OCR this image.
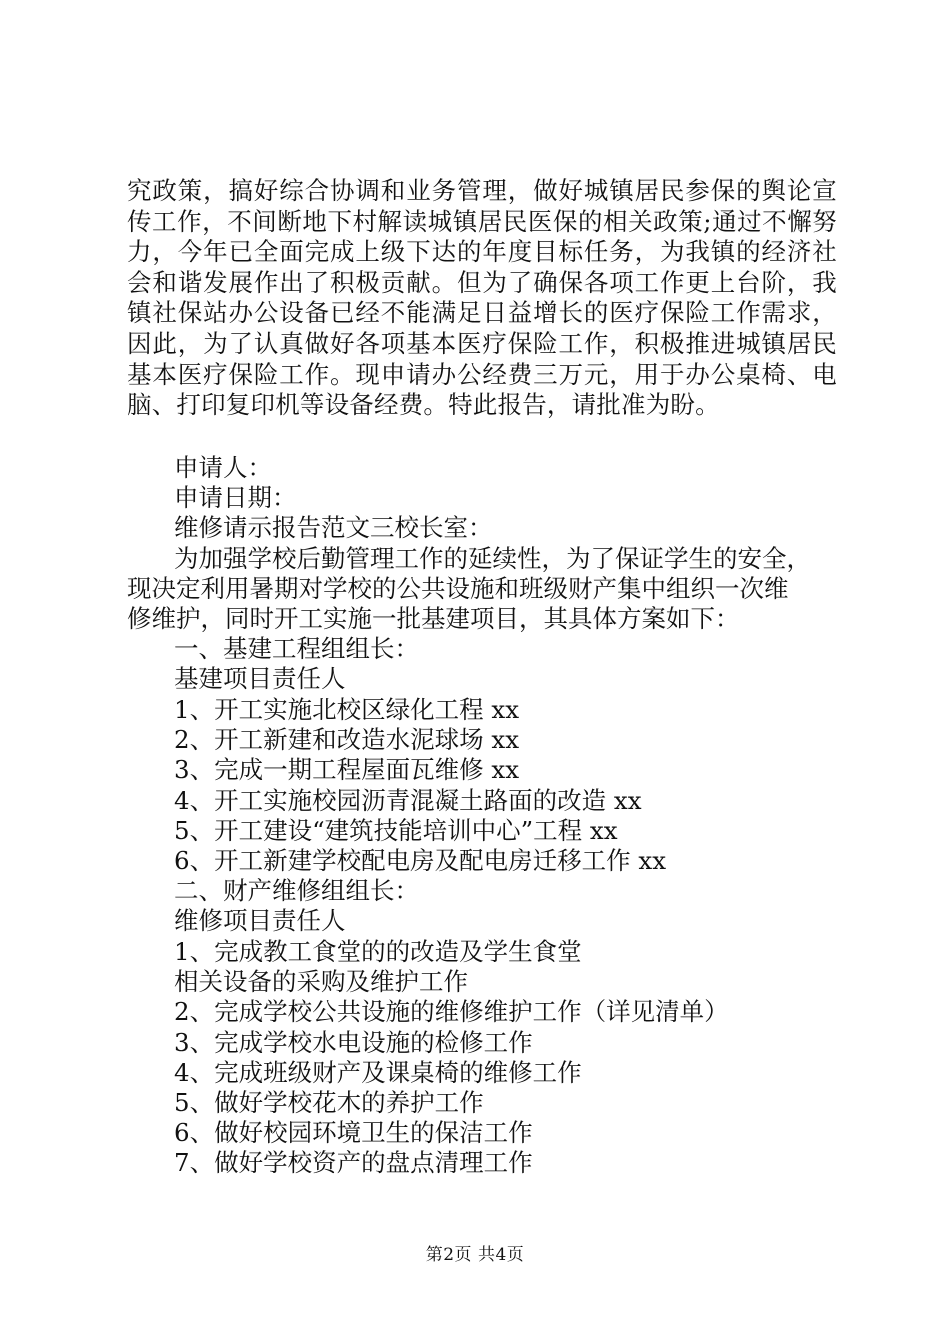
究政策，搞好综合协调和业务管理，做好城镇居民参保的舆论宣传工作，不间断地下村解读城镇居民医保的相关政策;通过不懈努力，今年已全面完成上级下达的年度目标任务，为我镇的经济社会和谐发展作出了积极贡献。但为了确保各项工作更上台阶，我镇社保站办公设备已经不能满足日益增长的医疗保险工作需求，因此，为了认真做好各项基本医疗保险工作，积极推进城镇居民基本医疗保险工作。现申请办公经费三万元，用于办公桌椅、电脑、打印复印机等设备经费。特此报告，请批准为盼。

申请人：

申请日期：

维修请示报告范文三校长室：

为加强学校后勤管理工作的延续性，为了保证学生的安全，

现决定利用暑期对学校的公共设施和班级财产集中组织一次维

修维护，同时开工实施一批基建项目，其具体方案如下：

一、基建工程组组长：

基建项目责任人

1、开工实施北校区绿化工程 xx

2、开工新建和改造水泥球场 xx

3、完成一期工程屋面瓦维修 xx

4、开工实施校园沥青混凝土路面的改造 xx

5、开工建设“建筑技能培训中心”工程 xx

6、开工新建学校配电房及配电房迁移工作 xx

二、财产维修组组长：

维修项目责任人

1、完成教工食堂的的改造及学生食堂

相关设备的采购及维护工作

2、完成学校公共设施的维修维护工作（详见清单）

3、完成学校水电设施的检修工作

4、完成班级财产及课桌椅的维修工作

5、做好学校花木的养护工作

6、做好校园环境卫生的保洁工作

7、做好学校资产的盘点清理工作

第2页 共4页
